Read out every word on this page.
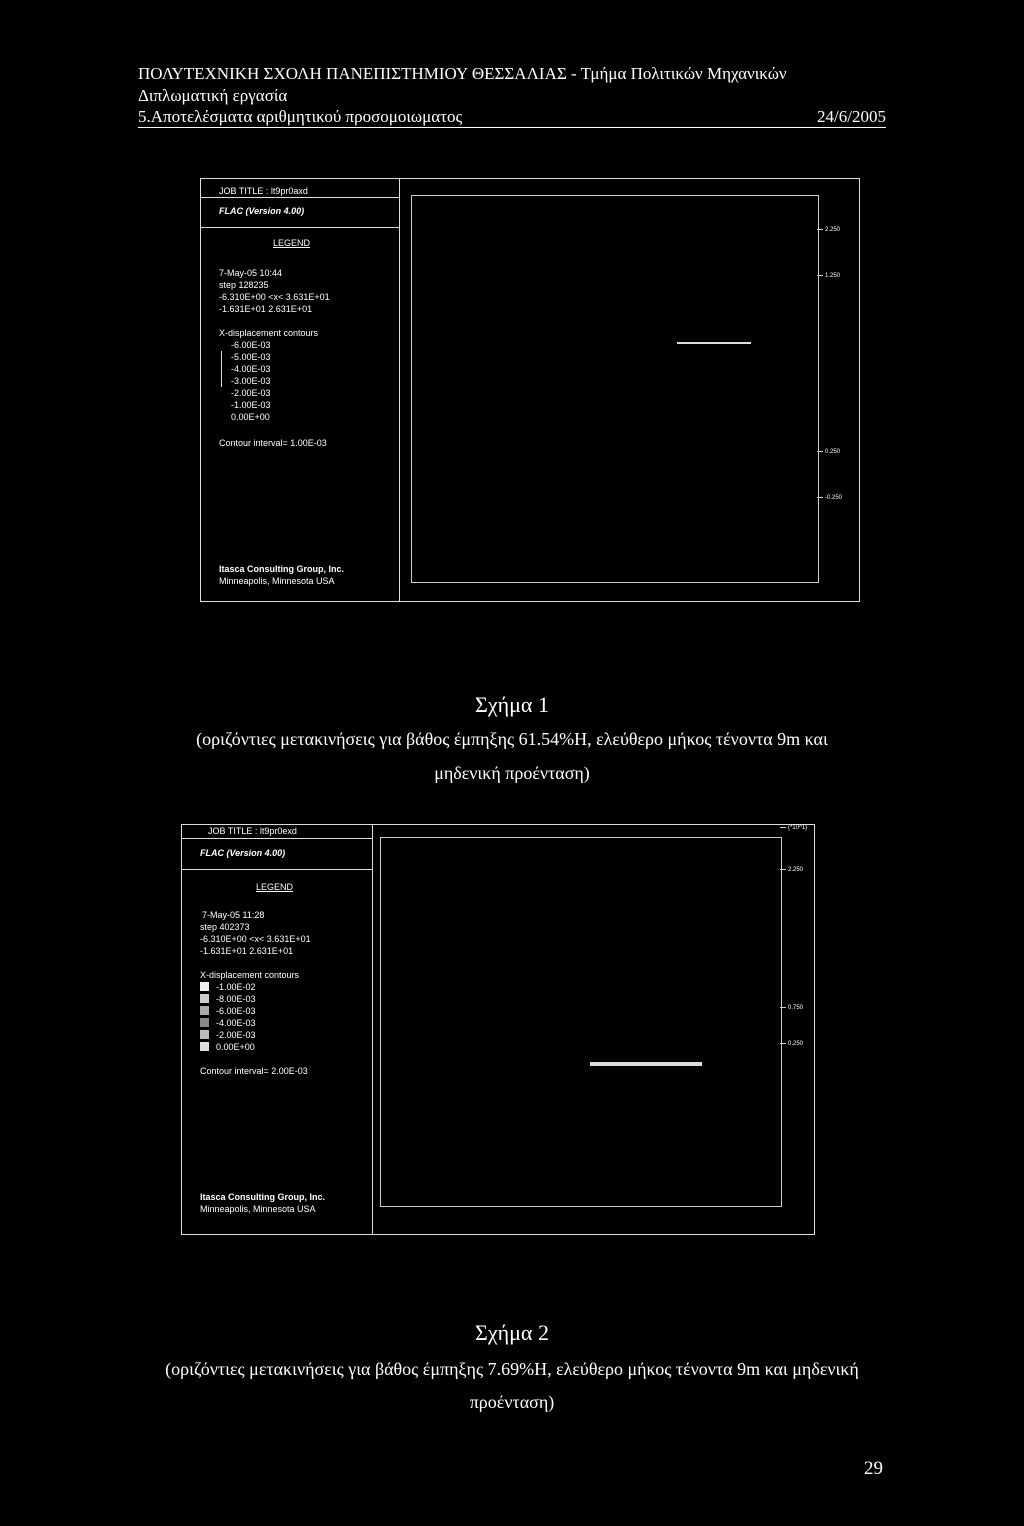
ΠΟΛΥΤΕΧΝΙΚΗ ΣΧΟΛΗ ΠΑΝΕΠΙΣΤΗΜΙΟΥ ΘΕΣΣΑΛΙΑΣ - Τμήμα Πολιτικών Μηχανικών
Διπλωματική εργασία
5.Αποτελέσματα αριθμητικού προσομοιωματος	24/6/2005
JOB TITLE : lt9pr0axd
FLAC (Version 4.00)
LEGEND
7-May-05 10:44
step 128235
-6.310E+00 <x< 3.631E+01
-1.631E+01 2.631E+01
X-displacement contours
-6.00E-03
-5.00E-03
-4.00E-03
-3.00E-03
-2.00E-03
-1.00E-03
0.00E+00
Contour interval= 1.00E-03
Itasca Consulting Group, Inc.
Minneapolis, Minnesota USA
2.250
1.250
0.250
-0.250
Σχήμα 1
(οριζόντιες μετακινήσεις για βάθος έμπηξης 61.54%Η, ελεύθερο μήκος τένοντα 9m και
μηδενική προένταση)
JOB TITLE : lt9pr0exd
FLAC (Version 4.00)
LEGEND
7-May-05 11:28
step 402373
-6.310E+00 <x< 3.631E+01
-1.631E+01 2.631E+01
X-displacement contours
-1.00E-02
-8.00E-03
-6.00E-03
-4.00E-03
-2.00E-03
0.00E+00
Contour interval= 2.00E-03
Itasca Consulting Group, Inc.
Minneapolis, Minnesota USA
(*10^1)
2.250
0.750
0.250
Σχήμα 2
(οριζόντιες μετακινήσεις για βάθος έμπηξης 7.69%Η, ελεύθερο μήκος τένοντα 9m και μηδενική
προένταση)
29
